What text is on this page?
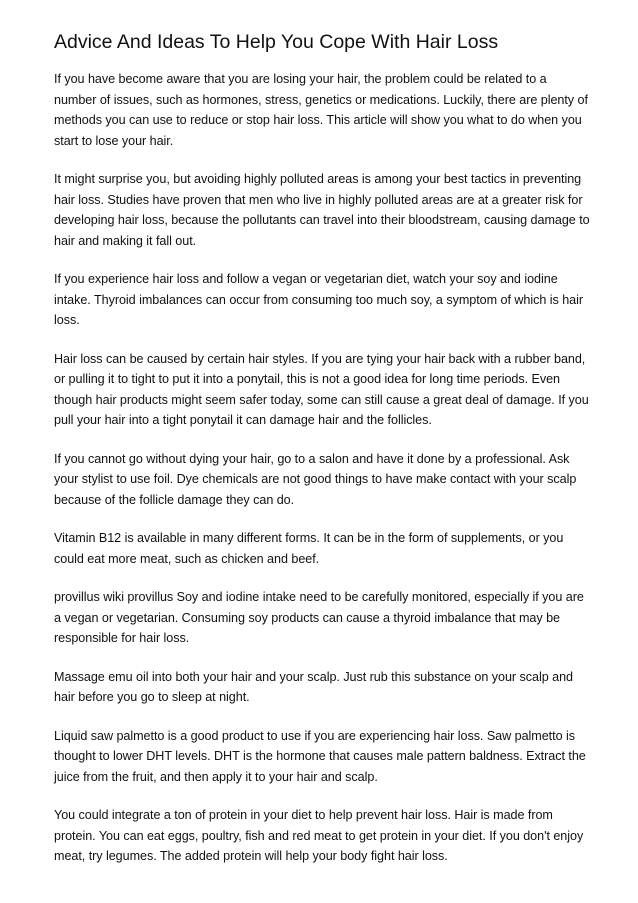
Advice And Ideas To Help You Cope With Hair Loss

If you have become aware that you are losing your hair, the problem could be related to a number of issues, such as hormones, stress, genetics or medications. Luckily, there are plenty of methods you can use to reduce or stop hair loss. This article will show you what to do when you start to lose your hair.

It might surprise you, but avoiding highly polluted areas is among your best tactics in preventing hair loss. Studies have proven that men who live in highly polluted areas are at a greater risk for developing hair loss, because the pollutants can travel into their bloodstream, causing damage to hair and making it fall out.

If you experience hair loss and follow a vegan or vegetarian diet, watch your soy and iodine intake. Thyroid imbalances can occur from consuming too much soy, a symptom of which is hair loss.

Hair loss can be caused by certain hair styles. If you are tying your hair back with a rubber band, or pulling it to tight to put it into a ponytail, this is not a good idea for long time periods. Even though hair products might seem safer today, some can still cause a great deal of damage. If you pull your hair into a tight ponytail it can damage hair and the follicles.

If you cannot go without dying your hair, go to a salon and have it done by a professional. Ask your stylist to use foil. Dye chemicals are not good things to have make contact with your scalp because of the follicle damage they can do.

Vitamin B12 is available in many different forms. It can be in the form of supplements, or you could eat more meat, such as chicken and beef.

provillus wiki provillus Soy and iodine intake need to be carefully monitored, especially if you are a vegan or vegetarian. Consuming soy products can cause a thyroid imbalance that may be responsible for hair loss.

Massage emu oil into both your hair and your scalp. Just rub this substance on your scalp and hair before you go to sleep at night.

Liquid saw palmetto is a good product to use if you are experiencing hair loss. Saw palmetto is thought to lower DHT levels. DHT is the hormone that causes male pattern baldness. Extract the juice from the fruit, and then apply it to your hair and scalp.

You could integrate a ton of protein in your diet to help prevent hair loss. Hair is made from protein. You can eat eggs, poultry, fish and red meat to get protein in your diet. If you don't enjoy meat, try legumes. The added protein will help your body fight hair loss.
